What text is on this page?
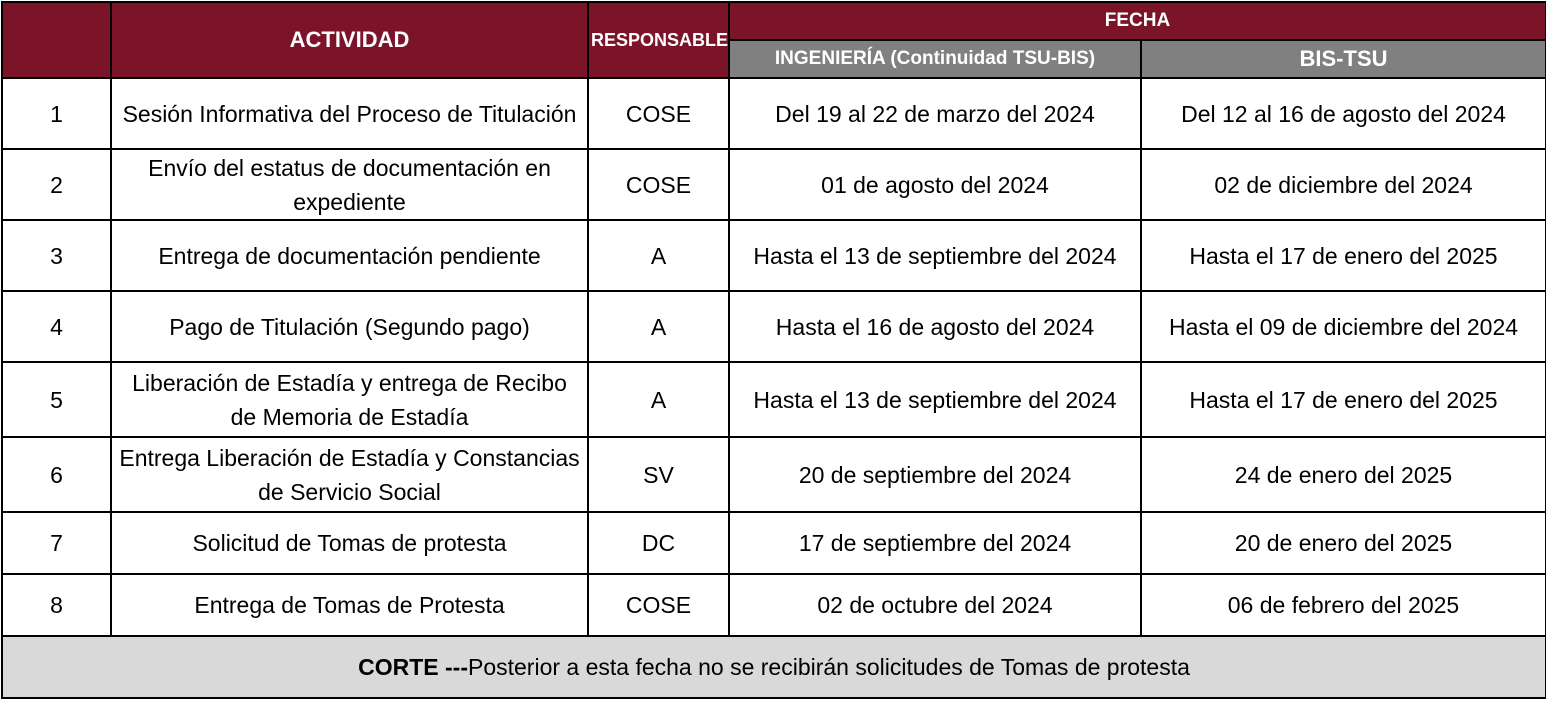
	ACTIVIDAD	RESPONSABLE	FECHA	
			INGENIERÍA (Continuidad TSU-BIS)	BIS-TSU
1	Sesión Informativa del Proceso de Titulación	COSE	Del 19 al 22 de marzo del 2024	Del 12 al 16 de agosto del 2024
2	Envío del estatus de documentación en expediente	COSE	01 de agosto del 2024	02 de diciembre del 2024
3	Entrega de documentación pendiente	A	Hasta el 13 de septiembre del 2024	Hasta el 17 de enero del 2025
4	Pago de Titulación (Segundo pago)	A	Hasta el 16 de agosto del 2024	Hasta el 09 de diciembre del 2024
5	Liberación de Estadía y entrega de Recibo de Memoria de Estadía	A	Hasta el 13 de septiembre del 2024	Hasta el 17 de enero del 2025
6	Entrega Liberación de Estadía y Constancias de Servicio Social	SV	20 de septiembre del 2024	24 de enero del 2025
7	Solicitud de Tomas de protesta	DC	17 de septiembre del 2024	20 de enero del 2025
8	Entrega de Tomas de Protesta	COSE	02 de octubre del 2024	06 de febrero del 2025
CORTE ---Posterior a esta fecha no se recibirán solicitudes de Tomas de protesta				
